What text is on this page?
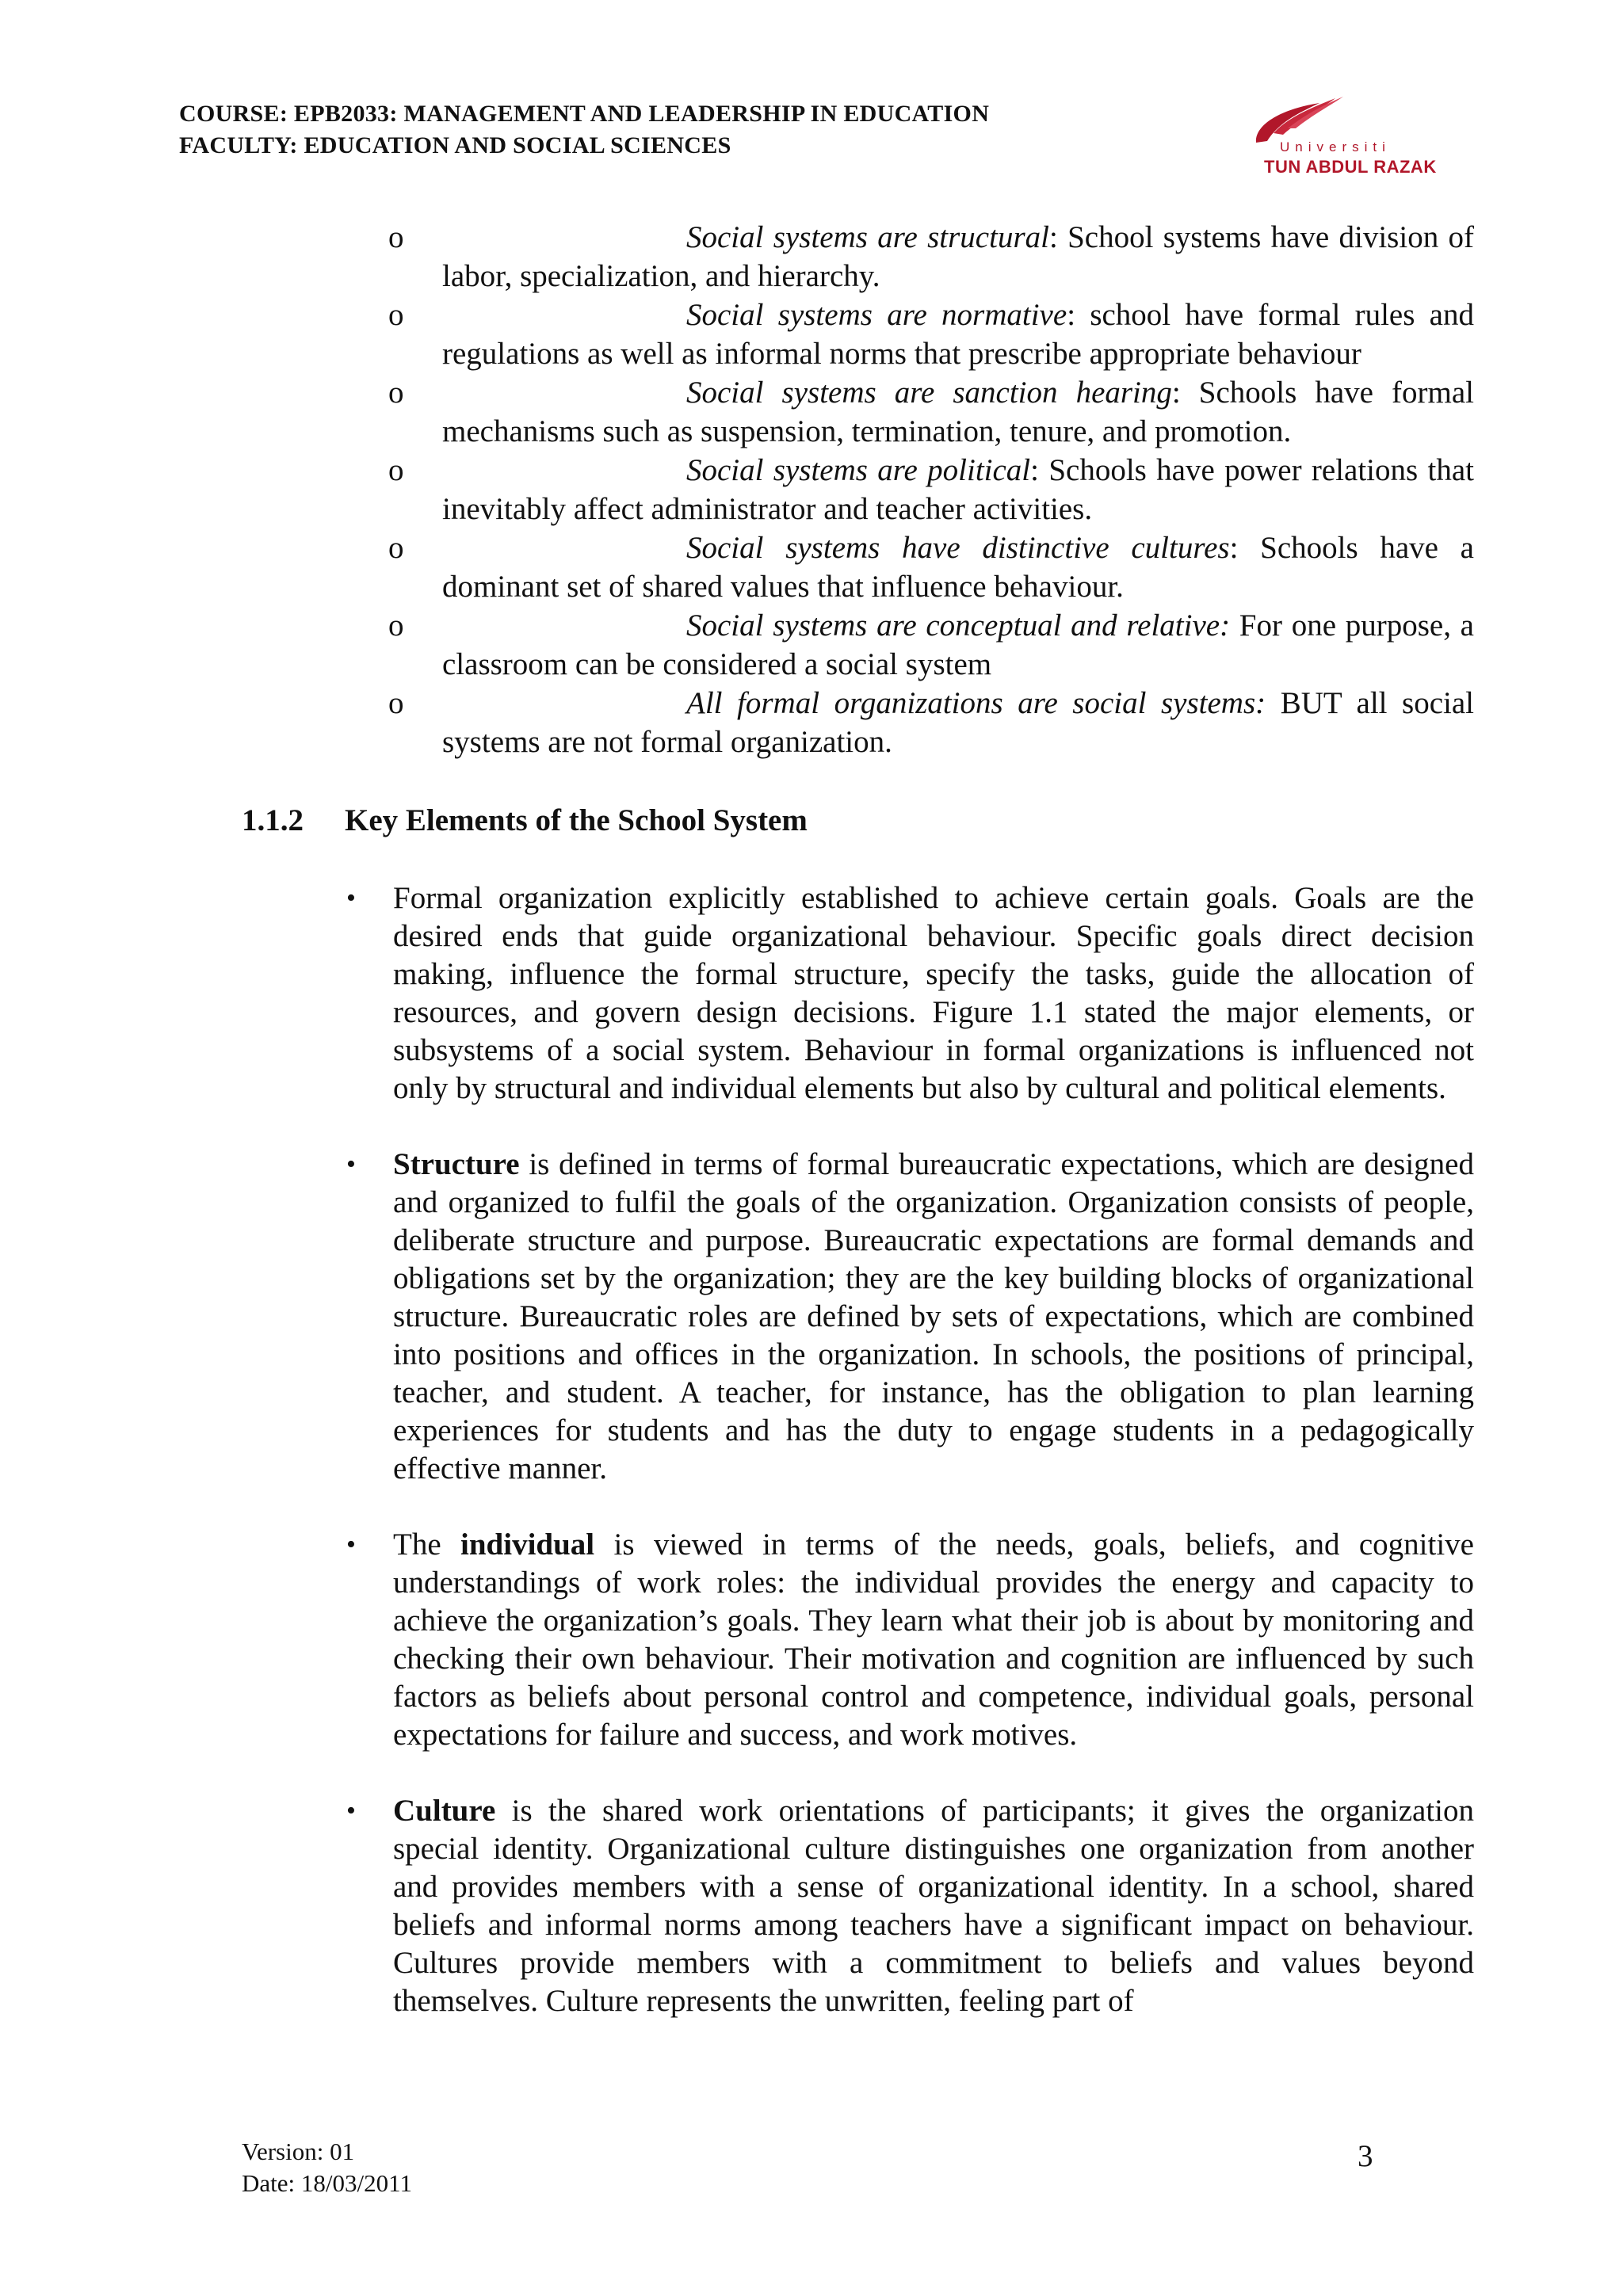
COURSE: EPB2033: MANAGEMENT AND LEADERSHIP IN EDUCATION
FACULTY: EDUCATION AND SOCIAL SCIENCES	Universiti
TUN ABDUL RAZAK
o	Social systems are structural: School systems have division of labor, specialization, and hierarchy.
o	Social systems are normative: school have formal rules and regulations as well as informal norms that prescribe appropriate behaviour
o	Social systems are sanction hearing: Schools have formal mechanisms such as suspension, termination, tenure, and promotion.
o	Social systems are political: Schools have power relations that inevitably affect administrator and teacher activities.
o	Social systems have distinctive cultures: Schools have a dominant set of shared values that influence behaviour.
o	Social systems are conceptual and relative: For one purpose, a classroom can be considered a social system
o	All formal organizations are social systems: BUT all social systems are not formal organization.
1.1.2 Key Elements of the School System
• Formal organization explicitly established to achieve certain goals. Goals are the desired ends that guide organizational behaviour. Specific goals direct decision making, influence the formal structure, specify the tasks, guide the allocation of resources, and govern design decisions. Figure 1.1 stated the major elements, or subsystems of a social system. Behaviour in formal organizations is influenced not only by structural and individual elements but also by cultural and political elements.
• Structure is defined in terms of formal bureaucratic expectations, which are designed and organized to fulfil the goals of the organization. Organization consists of people, deliberate structure and purpose. Bureaucratic expectations are formal demands and obligations set by the organization; they are the key building blocks of organizational structure. Bureaucratic roles are defined by sets of expectations, which are combined into positions and offices in the organization. In schools, the positions of principal, teacher, and student. A teacher, for instance, has the obligation to plan learning experiences for students and has the duty to engage students in a pedagogically effective manner.
• The individual is viewed in terms of the needs, goals, beliefs, and cognitive understandings of work roles: the individual provides the energy and capacity to achieve the organization’s goals. They learn what their job is about by monitoring and checking their own behaviour. Their motivation and cognition are influenced by such factors as beliefs about personal control and competence, individual goals, personal expectations for failure and success, and work motives.
• Culture is the shared work orientations of participants; it gives the organization special identity. Organizational culture distinguishes one organization from another and provides members with a sense of organizational identity. In a school, shared beliefs and informal norms among teachers have a significant impact on behaviour. Cultures provide members with a commitment to beliefs and values beyond themselves. Culture represents the unwritten, feeling part of
Version: 01
Date: 18/03/2011
3
